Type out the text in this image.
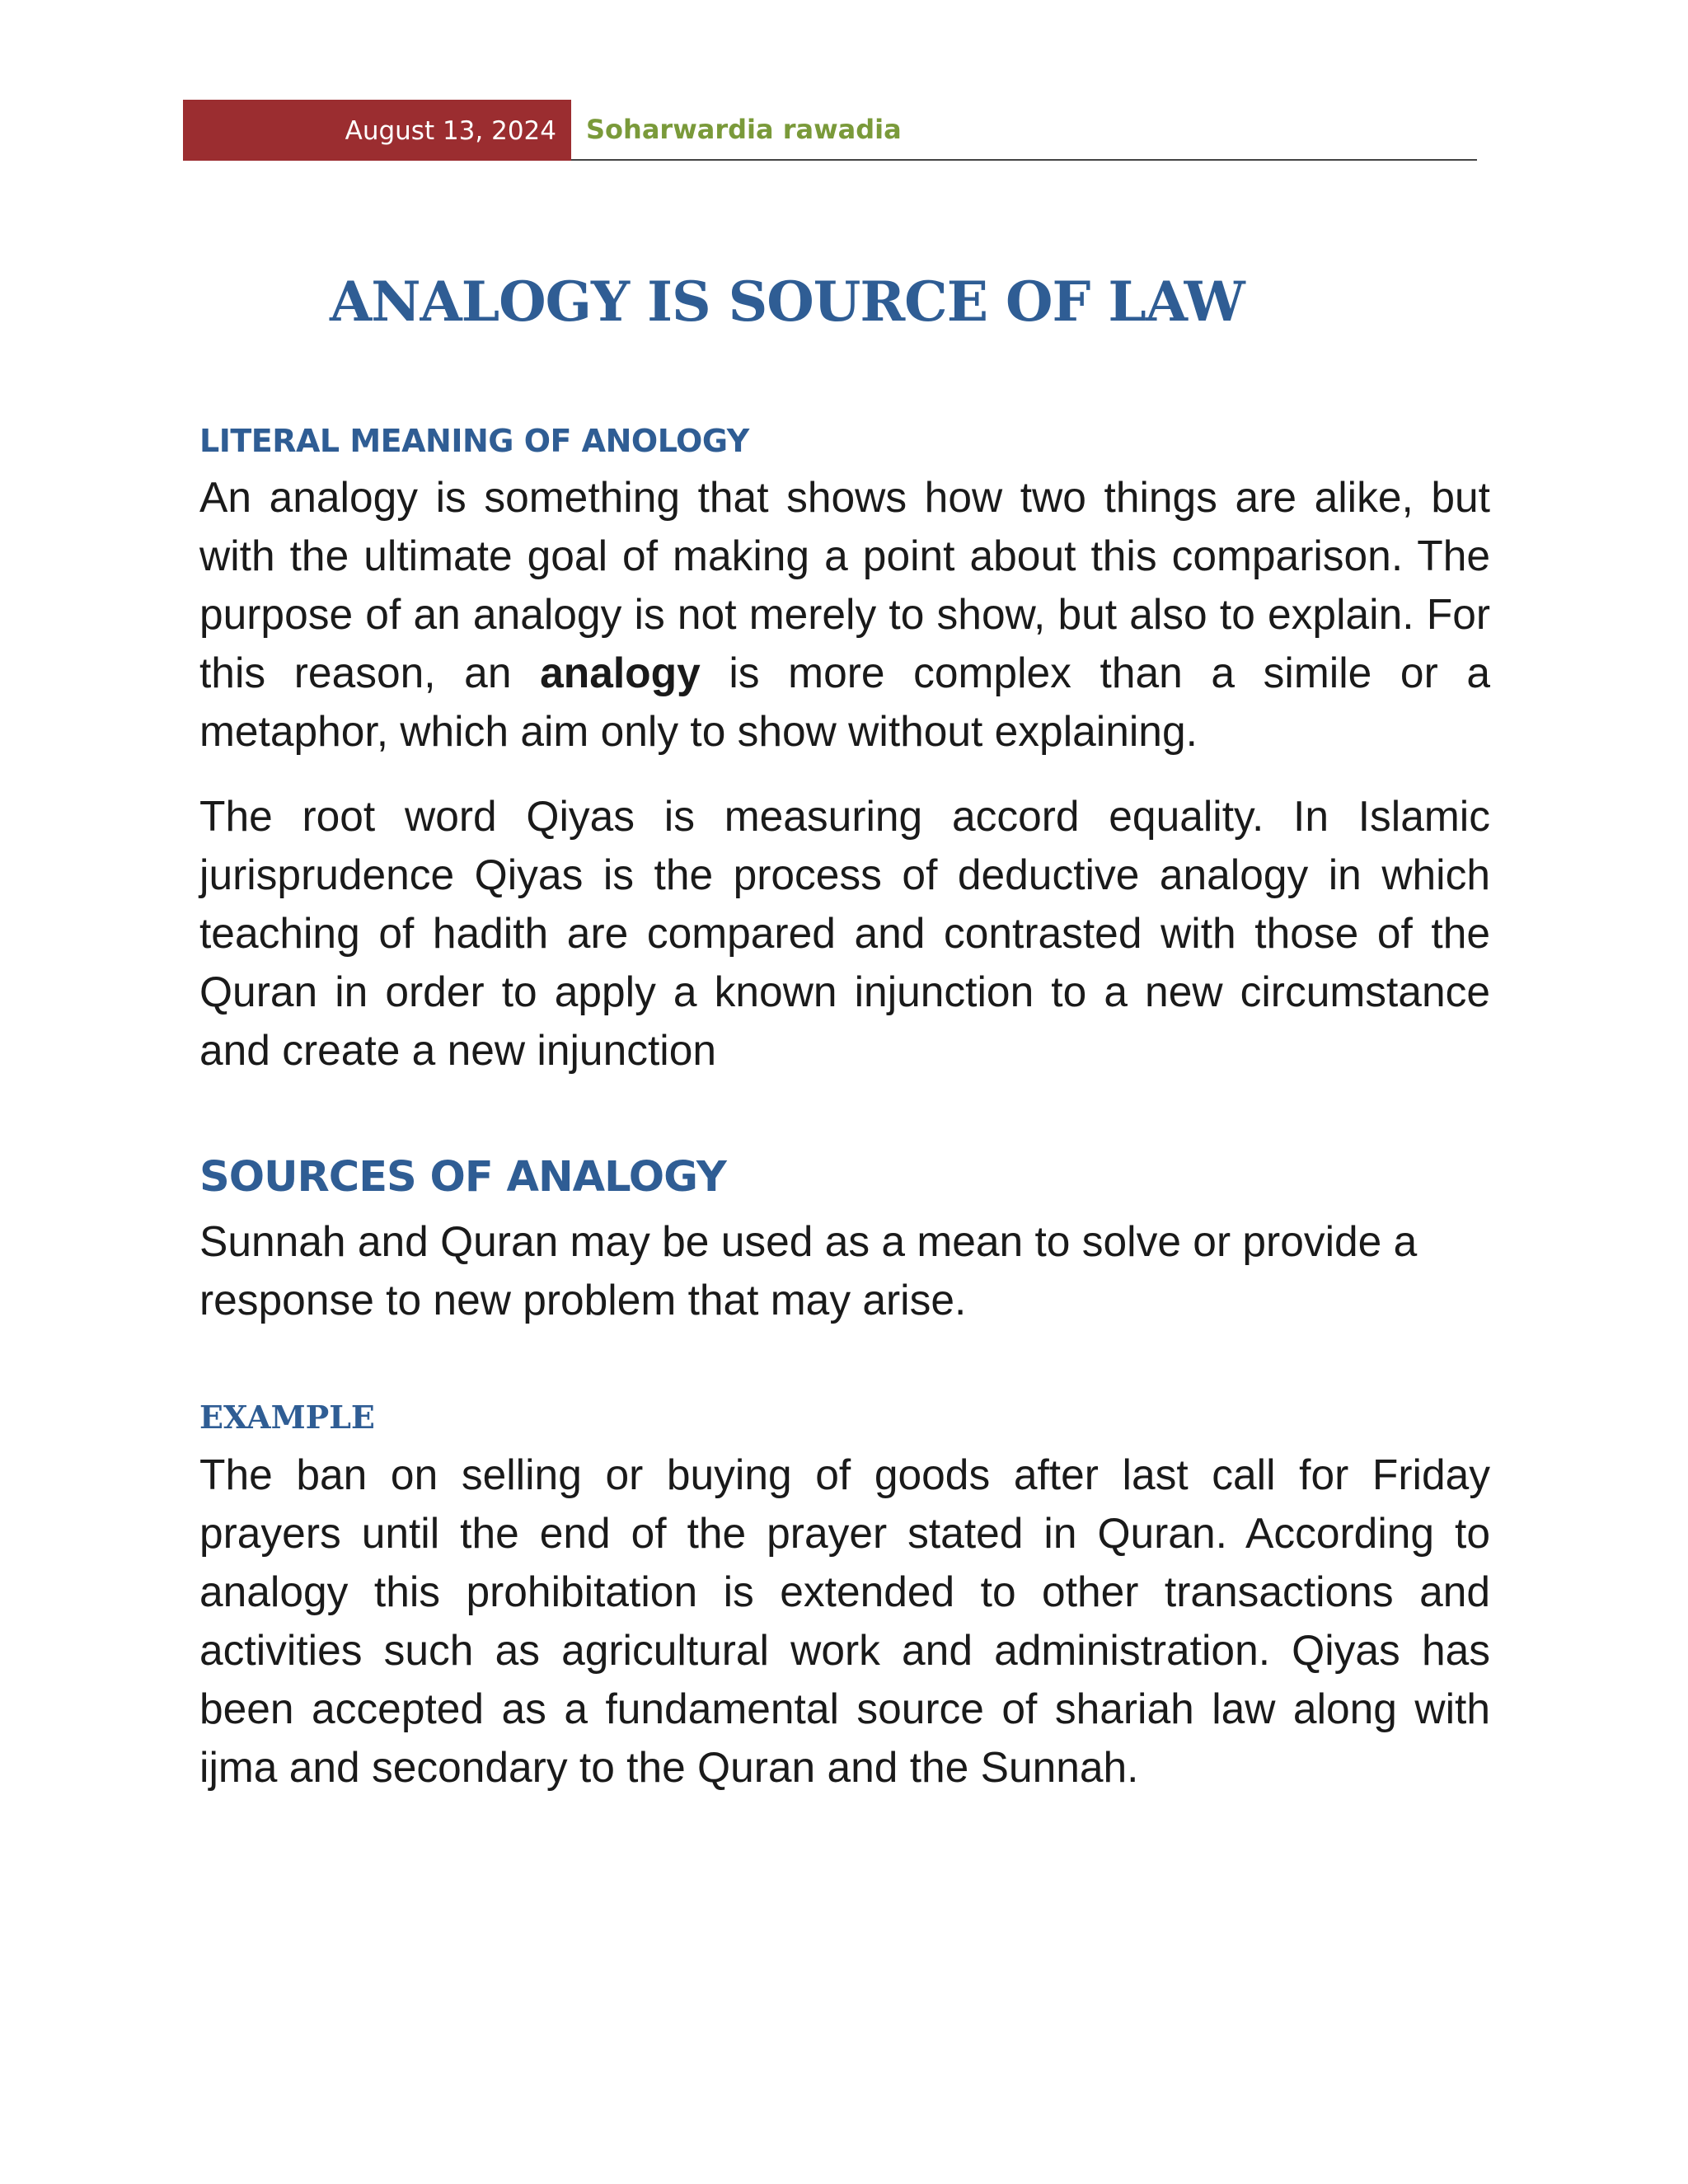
August 13, 2024 Soharwardia rawadia
ANALOGY IS SOURCE OF LAW
LITERAL MEANING OF ANOLOGY

An analogy is something that shows how two things are alike, but with the ultimate goal of making a point about this comparison. The purpose of an analogy is not merely to show, but also to explain. For this reason, an analogy is more complex than a simile or a metaphor, which aim only to show without explaining.

The root word Qiyas is measuring accord equality. In Islamic jurisprudence Qiyas is the process of deductive analogy in which teaching of hadith are compared and contrasted with those of the Quran in order to apply a known injunction to a new circumstance and create a new injunction

SOURCES OF ANALOGY

Sunnah and Quran may be used as a mean to solve or provide a response to new problem that may arise.

EXAMPLE

The ban on selling or buying of goods after last call for Friday prayers until the end of the prayer stated in Quran. According to analogy this prohibitation is extended to other transactions and activities such as agricultural work and administration. Qiyas has been accepted as a fundamental source of shariah law along with ijma and secondary to the Quran and the Sunnah.
